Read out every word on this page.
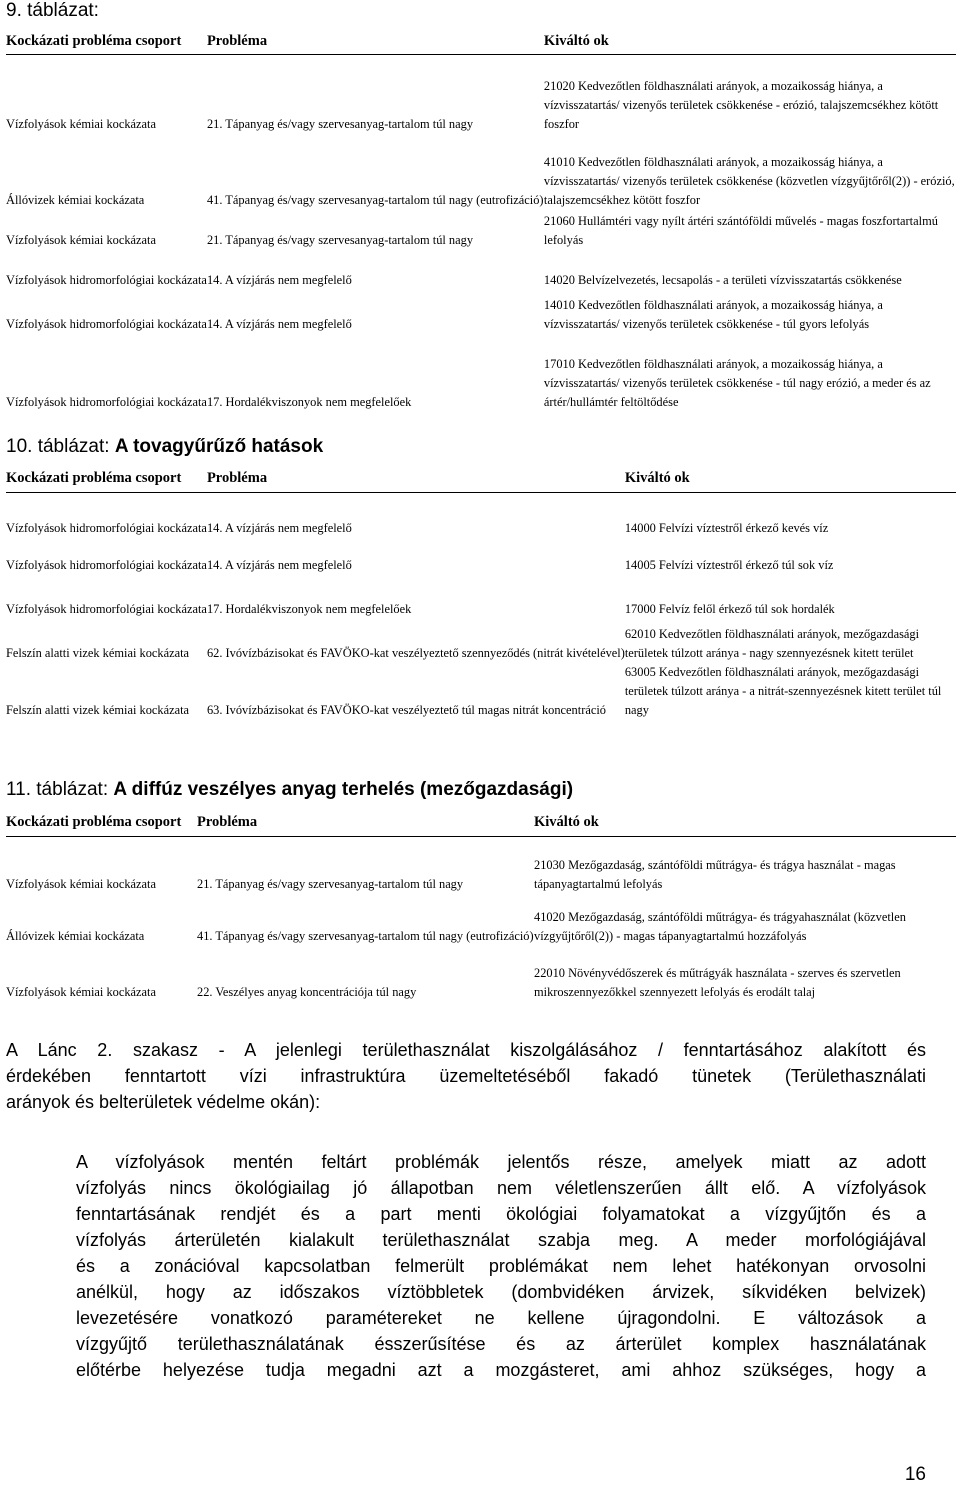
9. táblázat:
Kockázati probléma csoport	Probléma	Kiváltó ok
Vízfolyások kémiai kockázata	21. Tápanyag és/vagy szervesanyag-tartalom túl nagy	21020 Kedvezőtlen földhasználati arányok, a mozaikosság hiánya, a vízvisszatartás/ vizenyős területek csökkenése - erózió, talajszemcsékhez kötött foszfor
Állóvizek kémiai kockázata	41. Tápanyag és/vagy szervesanyag-tartalom túl nagy (eutrofizáció)	41010 Kedvezőtlen földhasználati arányok, a mozaikosság hiánya, a vízvisszatartás/ vizenyős területek csökkenése (közvetlen vízgyűjtőről(2)) - erózió, talajszemcsékhez kötött foszfor
Vízfolyások kémiai kockázata	21. Tápanyag és/vagy szervesanyag-tartalom túl nagy	21060 Hullámtéri vagy nyílt ártéri szántóföldi művelés - magas foszfortartalmú lefolyás
Vízfolyások hidromorfológiai kockázata	14. A vízjárás nem megfelelő	14020 Belvízelvezetés, lecsapolás - a területi vízvisszatartás csökkenése
Vízfolyások hidromorfológiai kockázata	14. A vízjárás nem megfelelő	14010 Kedvezőtlen földhasználati arányok, a mozaikosság hiánya, a vízvisszatartás/ vizenyős területek csökkenése - túl gyors lefolyás
Vízfolyások hidromorfológiai kockázata	17. Hordalékviszonyok nem megfelelőek	17010 Kedvezőtlen földhasználati arányok, a mozaikosság hiánya, a vízvisszatartás/ vizenyős területek csökkenése - túl nagy erózió, a meder és az ártér/hullámtér feltöltődése
10. táblázat: A tovagyűrűző hatások
Kockázati probléma csoport	Probléma	Kiváltó ok
Vízfolyások hidromorfológiai kockázata	14. A vízjárás nem megfelelő	14000 Felvízi víztestről érkező kevés víz
Vízfolyások hidromorfológiai kockázata	14. A vízjárás nem megfelelő	14005 Felvízi víztestről érkező túl sok víz
Vízfolyások hidromorfológiai kockázata	17. Hordalékviszonyok nem megfelelőek	17000 Felvíz felől érkező túl sok hordalék
Felszín alatti vizek kémiai kockázata	62. Ivóvízbázisokat és FAVÖKO-kat veszélyeztető szennyeződés (nitrát kivételével)	62010 Kedvezőtlen földhasználati arányok, mezőgazdasági területek túlzott aránya - nagy szennyezésnek kitett terület
Felszín alatti vizek kémiai kockázata	63. Ivóvízbázisokat és FAVÖKO-kat veszélyeztető túl magas nitrát koncentráció	63005 Kedvezőtlen földhasználati arányok, mezőgazdasági területek túlzott aránya - a nitrát-szennyezésnek kitett terület túl nagy
11. táblázat: A diffúz veszélyes anyag terhelés (mezőgazdasági)
Kockázati probléma csoport	Probléma	Kiváltó ok
Vízfolyások kémiai kockázata	21. Tápanyag és/vagy szervesanyag-tartalom túl nagy	21030 Mezőgazdaság, szántóföldi műtrágya- és trágya használat - magas tápanyagtartalmú lefolyás
Állóvizek kémiai kockázata	41. Tápanyag és/vagy szervesanyag-tartalom túl nagy (eutrofizáció)	41020 Mezőgazdaság, szántóföldi műtrágya- és trágyahasználat (közvetlen vízgyűjtőről(2)) - magas tápanyagtartalmú hozzáfolyás
Vízfolyások kémiai kockázata	22. Veszélyes anyag koncentrációja túl nagy	22010 Növényvédőszerek és műtrágyák használata - szerves és szervetlen mikroszennyezőkkel szennyezett lefolyás és erodált talaj
A Lánc 2. szakasz - A jelenlegi területhasználat kiszolgálásához / fenntartásához alakított és
érdekében fenntartott vízi infrastruktúra üzemeltetéséből fakadó tünetek (Területhasználati
arányok és belterületek védelme okán):
A vízfolyások mentén feltárt problémák jelentős része, amelyek miatt az adott
vízfolyás nincs ökológiailag jó állapotban nem véletlenszerűen állt elő. A vízfolyások
fenntartásának rendjét és a part menti ökológiai folyamatokat a vízgyűjtőn és a
vízfolyás árterületén kialakult területhasználat szabja meg. A meder morfológiájával
és a zonációval kapcsolatban felmerült problémákat nem lehet hatékonyan orvosolni
anélkül, hogy az időszakos víztöbbletek (dombvidéken árvizek, síkvidéken belvizek)
levezetésére vonatkozó paramétereket ne kellene újragondolni. E változások a
vízgyűjtő területhasználatának ésszerűsítése és az árterület komplex használatának
előtérbe helyezése tudja megadni azt a mozgásteret, ami ahhoz szükséges, hogy a
16
